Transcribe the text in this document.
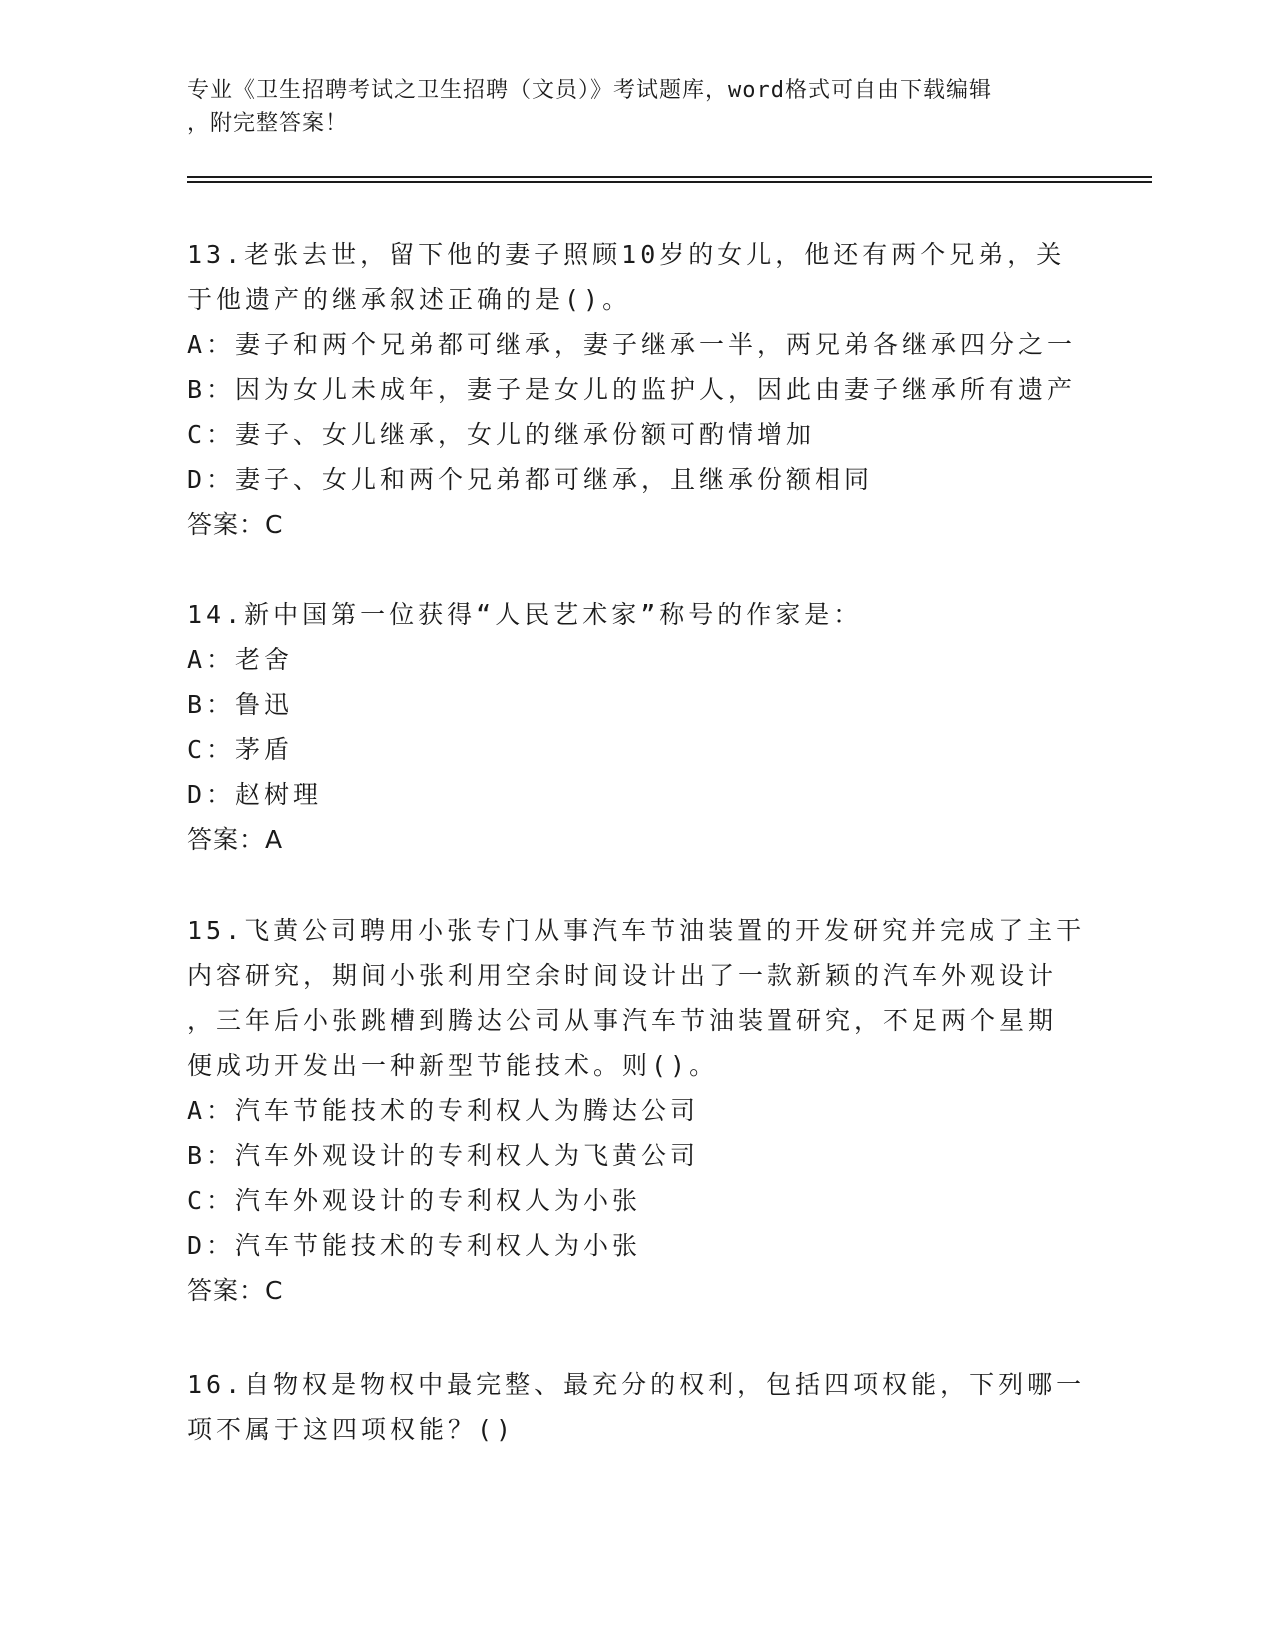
专业《卫生招聘考试之卫生招聘（文员）》考试题库，word格式可自由下载编辑

，附完整答案！

13.老张去世，留下他的妻子照顾10岁的女儿，他还有两个兄弟，关

于他遗产的继承叙述正确的是()。

A：妻子和两个兄弟都可继承，妻子继承一半，两兄弟各继承四分之一

B：因为女儿未成年，妻子是女儿的监护人，因此由妻子继承所有遗产

C：妻子、女儿继承，女儿的继承份额可酌情增加

D：妻子、女儿和两个兄弟都可继承，且继承份额相同

答案：C

14.新中国第一位获得“人民艺术家”称号的作家是：

A：老舍

B：鲁迅

C：茅盾

D：赵树理

答案：A

15.飞黄公司聘用小张专门从事汽车节油装置的开发研究并完成了主干

内容研究，期间小张利用空余时间设计出了一款新颖的汽车外观设计

，三年后小张跳槽到腾达公司从事汽车节油装置研究，不足两个星期

便成功开发出一种新型节能技术。则()。

A：汽车节能技术的专利权人为腾达公司

B：汽车外观设计的专利权人为飞黄公司

C：汽车外观设计的专利权人为小张

D：汽车节能技术的专利权人为小张

答案：C

16.自物权是物权中最完整、最充分的权利，包括四项权能，下列哪一

项不属于这四项权能？()
